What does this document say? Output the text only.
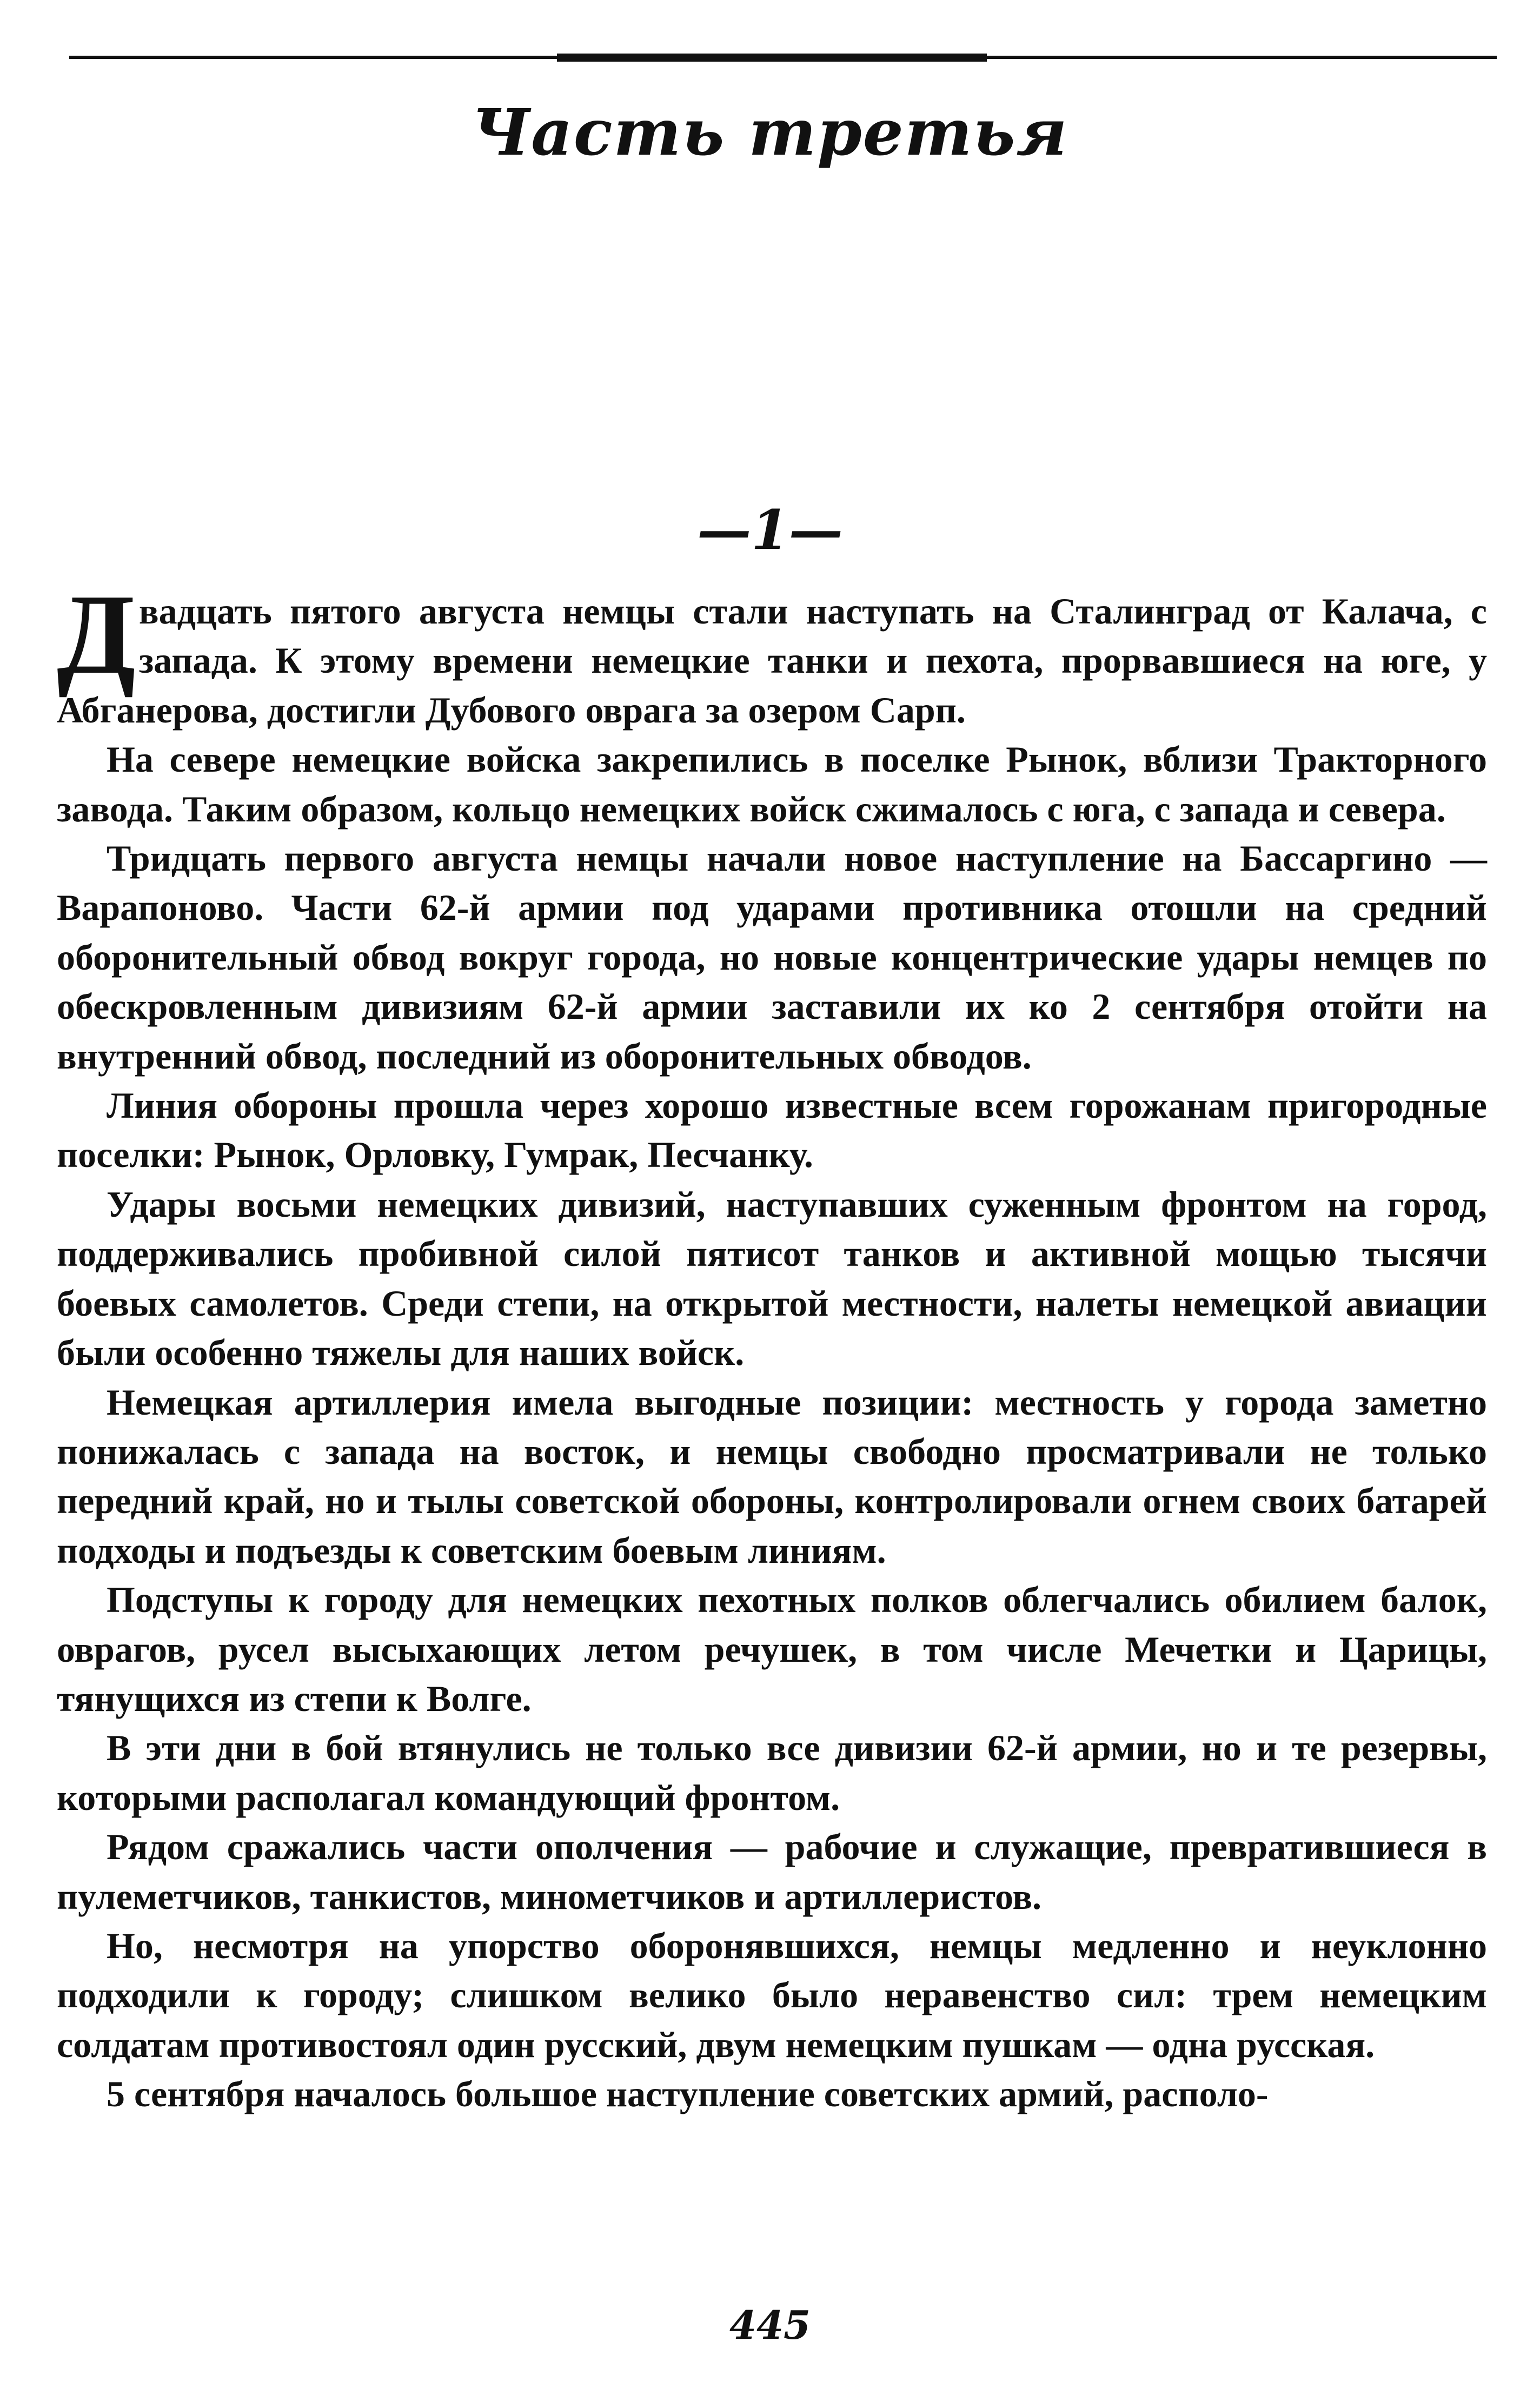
Часть третья
—1—

Двадцать пятого августа немцы стали наступать на Сталинград от Калача, с запада. К этому времени немецкие танки и пехота, прорвавшиеся на юге, у Абганерова, достигли Дубового оврага за озером Сарп.

На севере немецкие войска закрепились в поселке Рынок, вблизи Тракторного завода. Таким образом, кольцо немецких войск сжималось с юга, с запада и севера.

Тридцать первого августа немцы начали новое наступление на Бассаргино — Варапоново. Части 62-й армии под ударами противника отошли на средний оборонительный обвод вокруг города, но новые концентрические удары немцев по обескровленным дивизиям 62-й армии заставили их ко 2 сентября отойти на внутренний обвод, последний из оборонительных обводов.

Линия обороны прошла через хорошо известные всем горожанам пригородные поселки: Рынок, Орловку, Гумрак, Песчанку.

Удары восьми немецких дивизий, наступавших суженным фронтом на город, поддерживались пробивной силой пятисот танков и активной мощью тысячи боевых самолетов. Среди степи, на открытой местности, налеты немецкой авиации были особенно тяжелы для наших войск.

Немецкая артиллерия имела выгодные позиции: местность у города заметно понижалась с запада на восток, и немцы свободно просматривали не только передний край, но и тылы советской обороны, контролировали огнем своих батарей подходы и подъезды к советским боевым линиям.

Подступы к городу для немецких пехотных полков облегчались обилием балок, оврагов, русел высыхающих летом речушек, в том числе Мечетки и Царицы, тянущихся из степи к Волге.

В эти дни в бой втянулись не только все дивизии 62-й армии, но и те резервы, которыми располагал командующий фронтом.

Рядом сражались части ополчения — рабочие и служащие, превратившиеся в пулеметчиков, танкистов, минометчиков и артиллеристов.

Но, несмотря на упорство оборонявшихся, немцы медленно и неуклонно подходили к городу; слишком велико было неравенство сил: трем немецким солдатам противостоял один русский, двум немецким пушкам — одна русская.

5 сентября началось большое наступление советских армий, располо-

445
